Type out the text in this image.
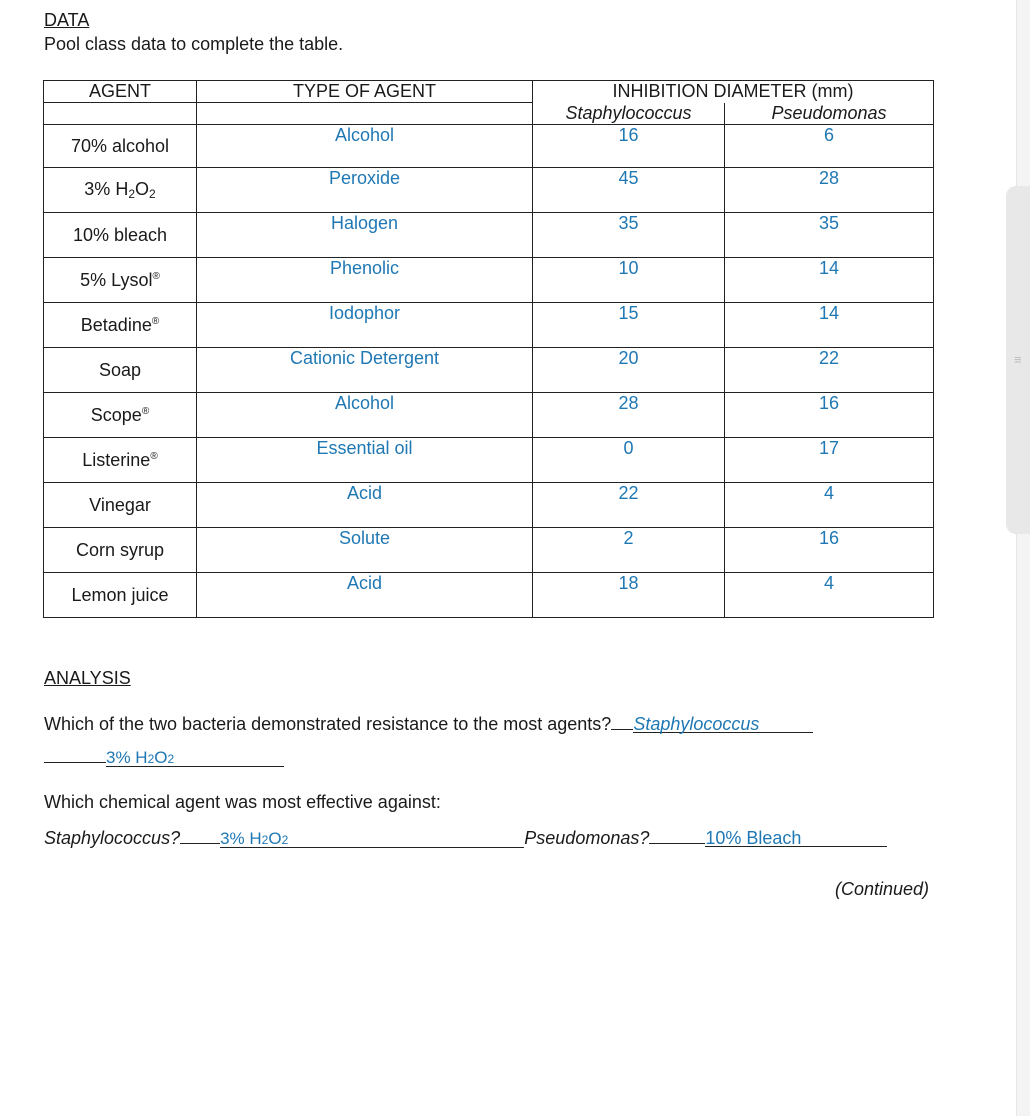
DATA
Pool class data to complete the table.
AGENT	TYPE OF AGENT	INHIBITION DIAMETER (mm)	
		Staphylococcus	Pseudomonas
70% alcohol	Alcohol	16	6
3% $H_2O_2$	Peroxide	45	28
10% bleach	Halogen	35	35
5% Lysol®	Phenolic	10	14
Betadine®	Iodophor	15	14
Soap	Cationic Detergent	20	22
Scope®	Alcohol	28	16
Listerine®	Essential oil	0	17
Vinegar	Acid	22	4
Corn syrup	Solute	2	16
Lemon juice	Acid	18	4
ANALYSIS
Which of the two bacteria demonstrated resistance to the most agents? Staphylococcus
3% H2O2
Which chemical agent was most effective against:
Staphylococcus? 3% H2O2	Pseudomonas?	10% Bleach
(Continued)
≡
